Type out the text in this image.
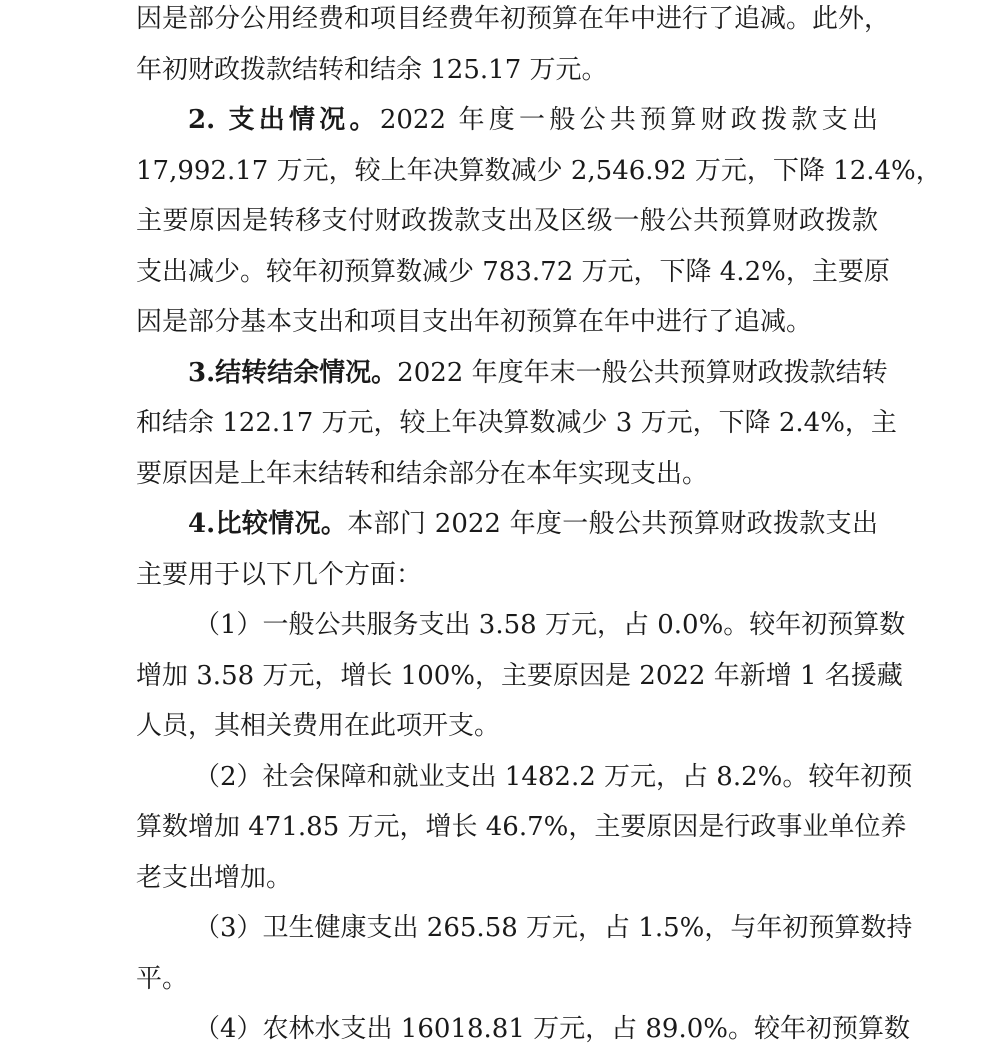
因是部分公用经费和项目经费年初预算在年中进行了追减。此外，
年初财政拨款结转和结余 125.17 万元。
2. 支出情况。2022 年度一般公共预算财政拨款支出
17,992.17 万元，较上年决算数减少 2,546.92 万元，下降 12.4%，
主要原因是转移支付财政拨款支出及区级一般公共预算财政拨款
支出减少。较年初预算数减少 783.72 万元，下降 4.2%，主要原
因是部分基本支出和项目支出年初预算在年中进行了追减。
3.结转结余情况。2022 年度年末一般公共预算财政拨款结转
和结余 122.17 万元，较上年决算数减少 3 万元，下降 2.4%，主
要原因是上年末结转和结余部分在本年实现支出。
4.比较情况。本部门 2022 年度一般公共预算财政拨款支出
主要用于以下几个方面：
（1）一般公共服务支出 3.58 万元，占 0.0%。较年初预算数
增加 3.58 万元，增长 100%，主要原因是 2022 年新增 1 名援藏
人员，其相关费用在此项开支。
（2）社会保障和就业支出 1482.2 万元，占 8.2%。较年初预
算数增加 471.85 万元，增长 46.7%，主要原因是行政事业单位养
老支出增加。
（3）卫生健康支出 265.58 万元，占 1.5%，与年初预算数持
平。
（4）农林水支出 16018.81 万元，占 89.0%。较年初预算数
